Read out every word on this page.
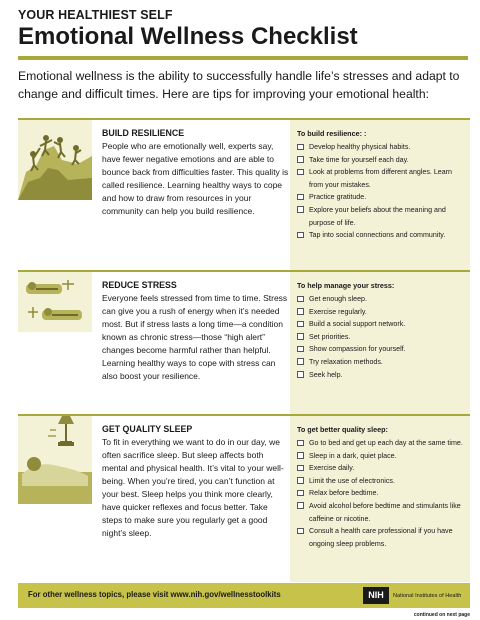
YOUR HEALTHIEST SELF
Emotional Wellness Checklist

Emotional wellness is the ability to successfully handle life’s stresses and adapt to change and difficult times. Here are tips for improving your emotional health:

BUILD RESILIENCE
People who are emotionally well, experts say, have fewer negative emotions and are able to bounce back from difficulties faster. This quality is called resilience. Learning healthy ways to cope and how to draw from resources in your community can help you build resilience.
To build resilience: :
Develop healthy physical habits.
Take time for yourself each day.
Look at problems from different angles. Learn from your mistakes.
Practice gratitude.
Explore your beliefs about the meaning and purpose of life.
Tap into social connections and community.
REDUCE STRESS
Everyone feels stressed from time to time. Stress can give you a rush of energy when it’s needed most. But if stress lasts a long time—a condition known as chronic stress—those “high alert” changes become harmful rather than helpful. Learning healthy ways to cope with stress can also boost your resilience.
To help manage your stress:
Get enough sleep.
Exercise regularly.
Build a social support network.
Set priorities.
Show compassion for yourself.
Try relaxation methods.
Seek help.
GET QUALITY SLEEP
To fit in everything we want to do in our day, we often sacrifice sleep. But sleep affects both mental and physical health. It’s vital to your well-being. When you’re tired, you can’t function at your best. Sleep helps you think more clearly, have quicker reflexes and focus better. Take steps to make sure you regularly get a good night’s sleep.
To get better quality sleep:
Go to bed and get up each day at the same time.
Sleep in a dark, quiet place.
Exercise daily.
Limit the use of electronics.
Relax before bedtime.
Avoid alcohol before bedtime and stimulants like caffeine or nicotine.
Consult a health care professional if you have ongoing sleep problems.
For other wellness topics, please visit www.nih.gov/wellnesstoolkits	NIH	National Institutes of Health
continued on next page
